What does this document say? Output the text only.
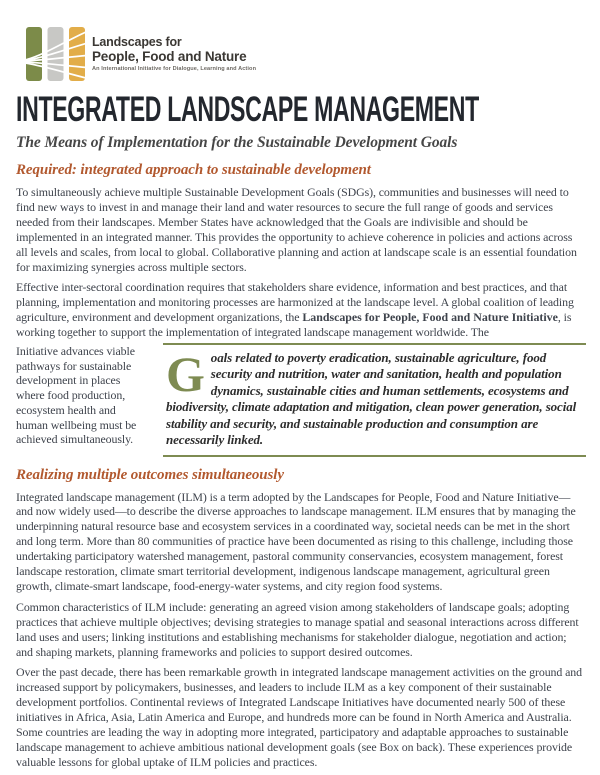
Landscapes for
People, Food and Nature
An International Initiative for Dialogue, Learning and Action
INTEGRATED LANDSCAPE MANAGEMENT
The Means of Implementation for the Sustainable Development Goals
Required: integrated approach to sustainable development

To simultaneously achieve multiple Sustainable Development Goals (SDGs), communities and businesses will need to find new ways to invest in and manage their land and water resources to secure the full range of goods and services needed from their landscapes. Member States have acknowledged that the Goals are indivisible and should be implemented in an integrated manner. This provides the opportunity to achieve coherence in policies and actions across all levels and scales, from local to global. Collaborative planning and action at landscape scale is an essential foundation for maximizing synergies across multiple sectors.

Effective inter-sectoral coordination requires that stakeholders share evidence, information and best practices, and that planning, implementation and monitoring processes are harmonized at the landscape level. A global coalition of leading agriculture, environment and development organizations, the Landscapes for People, Food and Nature Initiative, is working together to support the implementation of integrated landscape management worldwide. The

Initiative advances viable pathways for sustainable development in places where food production, ecosystem health and human wellbeing must be achieved simultaneously.
Goals related to poverty eradication, sustainable agriculture, food security and nutrition, water and sanitation, health and population dynamics, sustainable cities and human settlements, ecosystems and biodiversity, climate adaptation and mitigation, clean power generation, social stability and security, and sustainable production and consumption are necessarily linked.
Realizing multiple outcomes simultaneously

Integrated landscape management (ILM) is a term adopted by the Landscapes for People, Food and Nature Initiative—and now widely used—to describe the diverse approaches to landscape management. ILM ensures that by managing the underpinning natural resource base and ecosystem services in a coordinated way, societal needs can be met in the short and long term. More than 80 communities of practice have been documented as rising to this challenge, including those undertaking participatory watershed management, pastoral community conservancies, ecosystem management, forest landscape restoration, climate smart territorial development, indigenous landscape management, agricultural green growth, climate-smart landscape, food-energy-water systems, and city region food systems.

Common characteristics of ILM include: generating an agreed vision among stakeholders of landscape goals; adopting practices that achieve multiple objectives; devising strategies to manage spatial and seasonal interactions across different land uses and users; linking institutions and establishing mechanisms for stakeholder dialogue, negotiation and action; and shaping markets, planning frameworks and policies to support desired outcomes.

Over the past decade, there has been remarkable growth in integrated landscape management activities on the ground and increased support by policymakers, businesses, and leaders to include ILM as a key component of their sustainable development portfolios. Continental reviews of Integrated Landscape Initiatives have documented nearly 500 of these initiatives in Africa, Asia, Latin America and Europe, and hundreds more can be found in North America and Australia. Some countries are leading the way in adopting more integrated, participatory and adaptable approaches to sustainable landscape management to achieve ambitious national development goals (see Box on back). These experiences provide valuable lessons for global uptake of ILM policies and practices.
